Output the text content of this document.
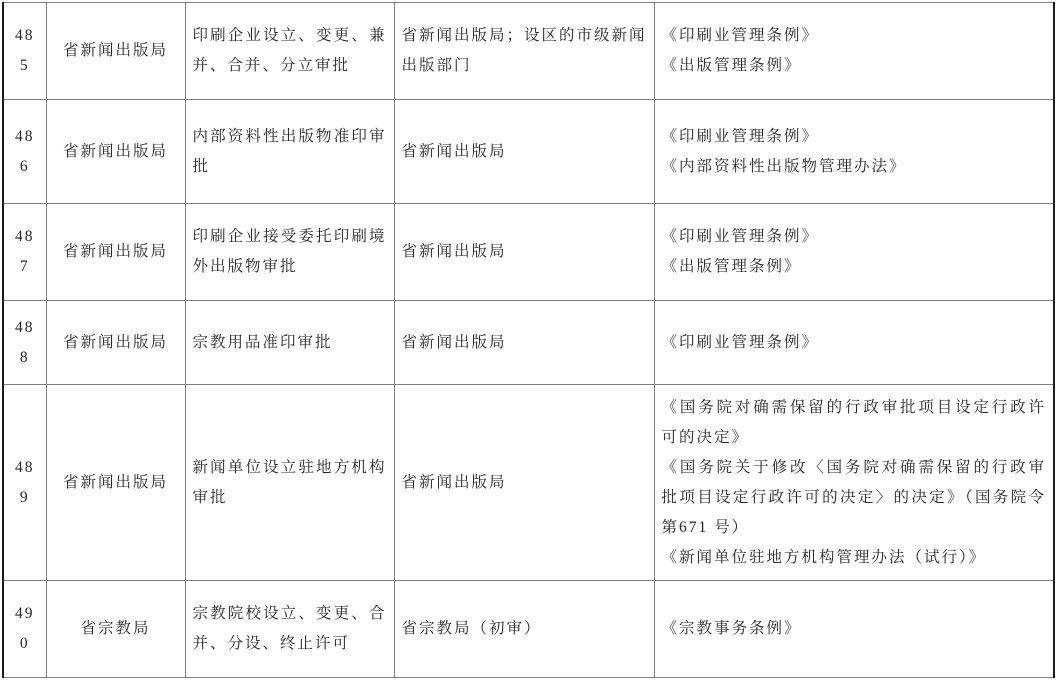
485	省新闻出版局	印刷企业设立、变更、兼并、合并、分立审批	省新闻出版局；设区的市级新闻出版部门	《印刷业管理条例》
《出版管理条例》

486	省新闻出版局	内部资料性出版物准印审批	省新闻出版局	《印刷业管理条例》
《内部资料性出版物管理办法》

487	省新闻出版局	印刷企业接受委托印刷境外出版物审批	省新闻出版局	《印刷业管理条例》
《出版管理条例》

488	省新闻出版局	宗教用品准印审批	省新闻出版局	《印刷业管理条例》

489	省新闻出版局	新闻单位设立驻地方机构审批	省新闻出版局	《国务院对确需保留的行政审批项目设定行政许可的决定》
《国务院关于修改〈国务院对确需保留的行政审批项目设定行政许可的决定〉的决定》（国务院令第671 号）
《新闻单位驻地方机构管理办法（试行）》

490	省宗教局	宗教院校设立、变更、合并、分设、终止许可	省宗教局（初审）	《宗教事务条例》
